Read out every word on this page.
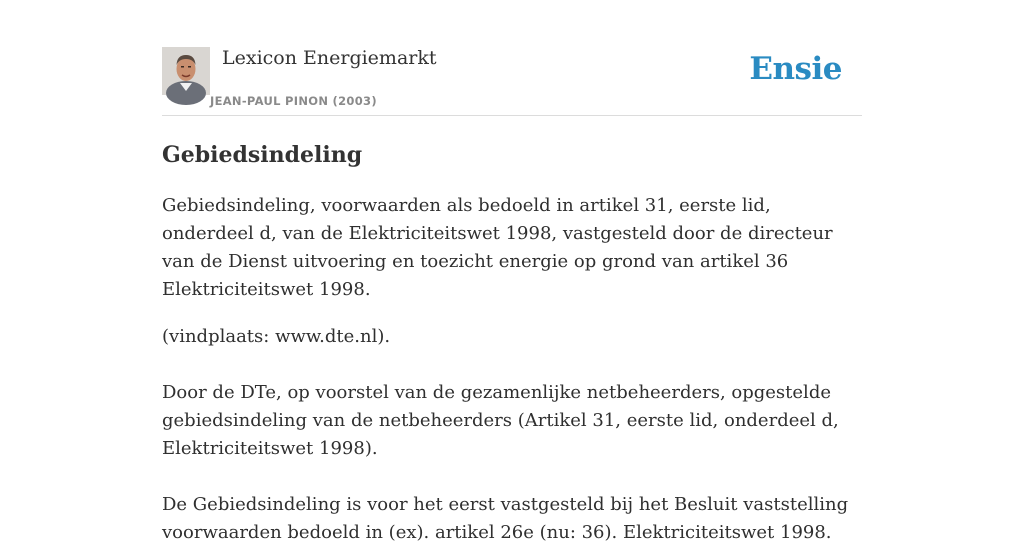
Lexicon Energiemarkt
JEAN-PAUL PINON (2003)
Ensie
Gebiedsindeling

Gebiedsindeling, voorwaarden als bedoeld in artikel 31, eerste lid, onderdeel d, van de Elektriciteitswet 1998, vastgesteld door de directeur van de Dienst uitvoering en toezicht energie op grond van artikel 36 Elektriciteitswet 1998.

(vindplaats: www.dte.nl).

Door de DTe, op voorstel van de gezamenlijke netbeheerders, opgestelde gebiedsindeling van de netbeheerders (Artikel 31, eerste lid, onderdeel d, Elektriciteitswet 1998).

De Gebiedsindeling is voor het eerst vastgesteld bij het Besluit vaststelling voorwaarden bedoeld in (ex). artikel 26e (nu: 36). Elektriciteitswet 1998.
